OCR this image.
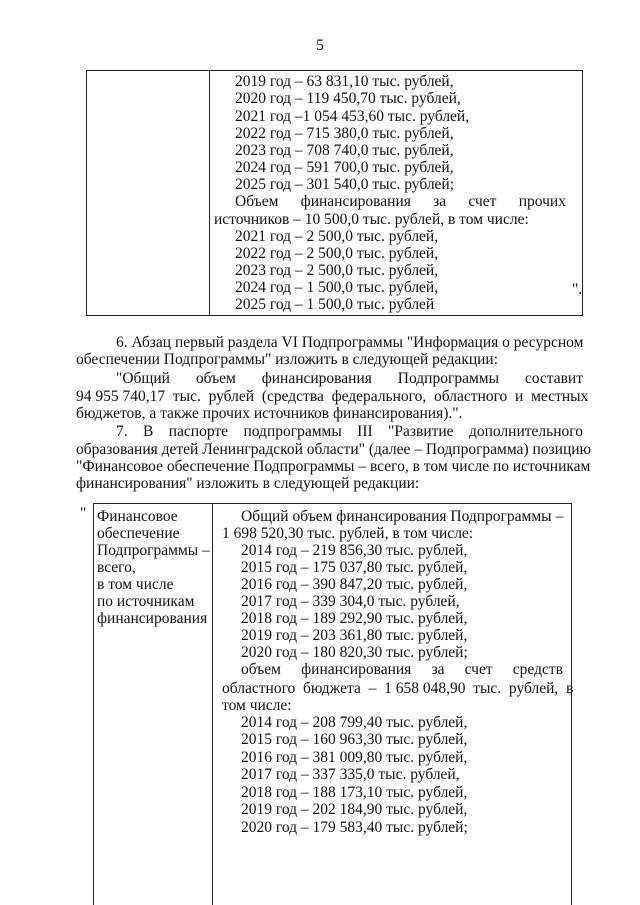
5
2019 год – 63 831,10 тыс. рублей,
2020 год – 119 450,70 тыс. рублей,
2021 год –1 054 453,60 тыс. рублей,
2022 год – 715 380,0 тыс. рублей,
2023 год – 708 740,0 тыс. рублей,
2024 год – 591 700,0 тыс. рублей,
2025 год – 301 540,0 тыс. рублей;
Объем финансирования за счет прочих
источников – 10 500,0 тыс. рублей, в том числе:
2021 год – 2 500,0 тыс. рублей,
2022 год – 2 500,0 тыс. рублей,
2023 год – 2 500,0 тыс. рублей,
2024 год – 1 500,0 тыс. рублей,
2025 год – 1 500,0 тыс. рублей
".
6. Абзац первый раздела VI Подпрограммы "Информация о ресурсном
обеспечении Подпрограммы" изложить в следующей редакции:
"Общий объем финансирования Подпрограммы составит
94 955 740,17  тыс.  рублей  (средства  федерального,  областного  и  местных
бюджетов, а также прочих источников финансирования).".
7. В паспорте подпрограммы III "Развитие дополнительного
образования детей Ленинградской области" (далее – Подпрограмма) позицию
"Финансовое обеспечение Подпрограммы – всего, в том числе по источникам
финансирования" изложить в следующей редакции:
" Финансовое
обеспечение
Подпрограммы –
всего,
в том числе
по источникам
финансирования
Общий объем финансирования Подпрограммы –
1 698 520,30 тыс. рублей, в том числе:
2014 год – 219 856,30 тыс. рублей,
2015 год – 175 037,80 тыс. рублей,
2016 год – 390 847,20 тыс. рублей,
2017 год – 339 304,0 тыс. рублей,
2018 год – 189 292,90 тыс. рублей,
2019 год – 203 361,80 тыс. рублей,
2020 год – 180 820,30 тыс. рублей;
объем финансирования за счет средств
областного  бюджета  –  1 658 048,90  тыс.  рублей,  в
том числе:
2014 год – 208 799,40 тыс. рублей,
2015 год – 160 963,30 тыс. рублей,
2016 год – 381 009,80 тыс. рублей,
2017 год – 337 335,0 тыс. рублей,
2018 год – 188 173,10 тыс. рублей,
2019 год – 202 184,90 тыс. рублей,
2020 год – 179 583,40 тыс. рублей;
